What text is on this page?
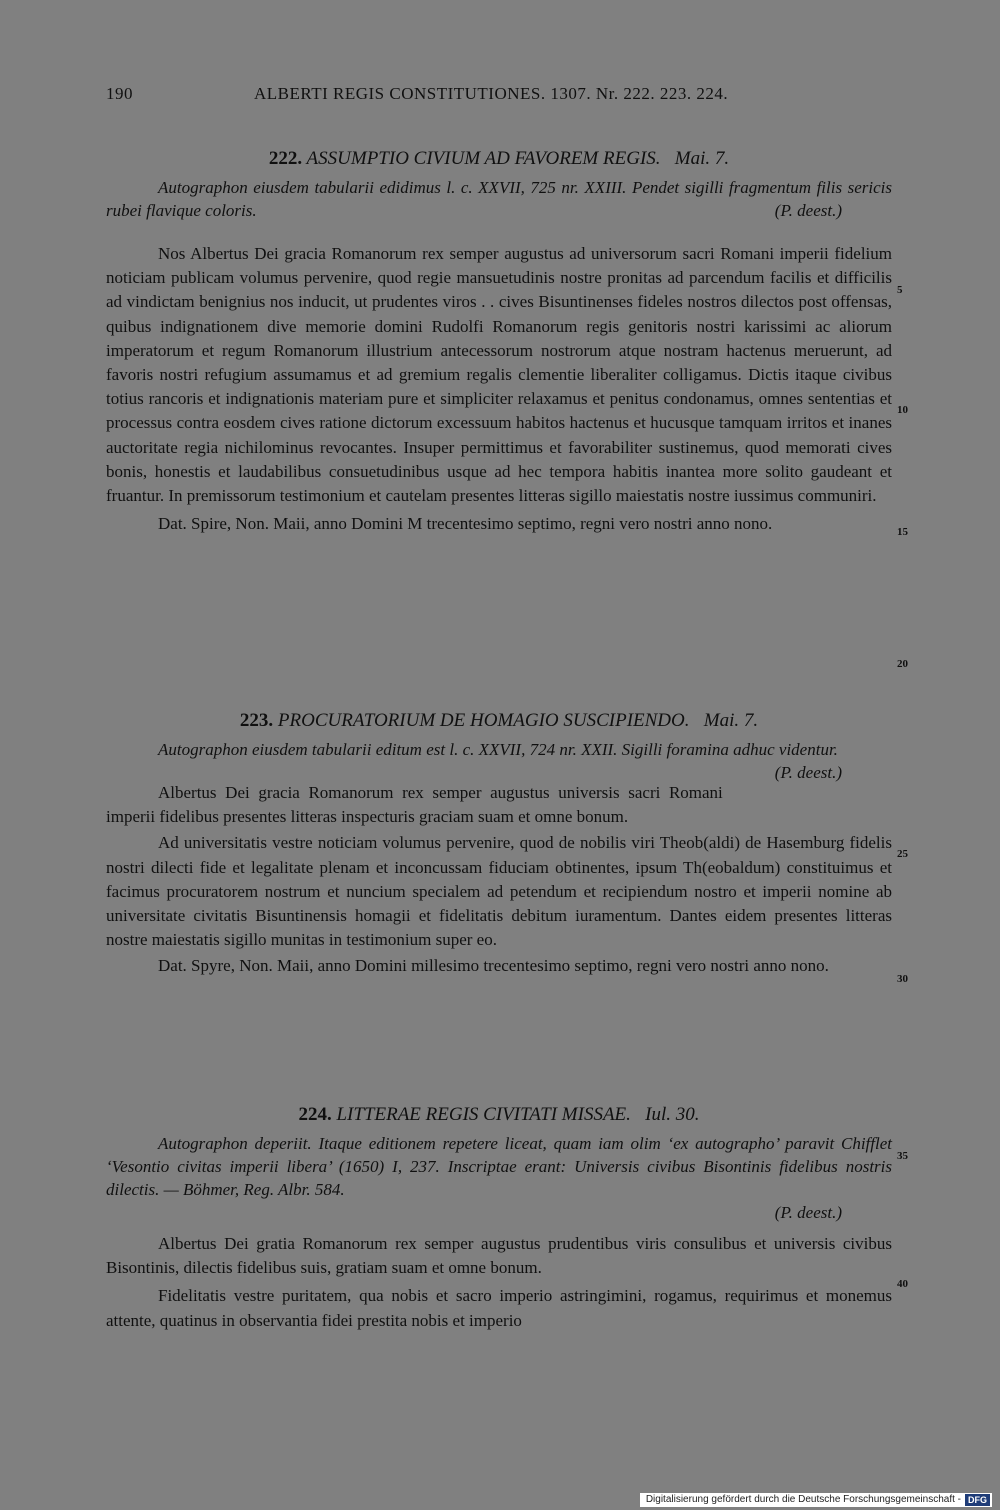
190	ALBERTI REGIS CONSTITUTIONES. 1307. Nr. 222. 223. 224.
222. ASSUMPTIO CIVIUM AD FAVOREM REGIS. Mai. 7.
Autographon eiusdem tabularii edidimus l. c. XXVII, 725 nr. XXIII. Pendet sigilli fragmentum filis sericis rubei flavique coloris.	(P. deest.)

Nos Albertus Dei gracia Romanorum rex semper augustus ad universorum sacri Romani imperii fidelium noticiam publicam volumus pervenire, quod regie mansuetudinis nostre pronitas ad parcendum facilis et difficilis ad vindictam benignius nos inducit, ut prudentes viros . . cives Bisuntinenses fideles nostros dilectos post offensas, quibus indignationem dive memorie domini Rudolfi Romanorum regis genitoris nostri karissimi ac aliorum imperatorum et regum Romanorum illustrium antecessorum nostrorum atque nostram hactenus meruerunt, ad favoris nostri refugium assumamus et ad gremium regalis clementie liberaliter colligamus. Dictis itaque civibus totius rancoris et indignationis materiam pure et simpliciter relaxamus et penitus condonamus, omnes sententias et processus contra eosdem cives ratione dictorum excessuum habitos hactenus et hucusque tamquam irritos et inanes auctoritate regia nichilominus revocantes. Insuper permittimus et favorabiliter sustinemus, quod memorati cives bonis, honestis et laudabilibus consuetudinibus usque ad hec tempora habitis inantea more solito gaudeant et fruantur. In premissorum testimonium et cautelam presentes litteras sigillo maiestatis nostre iussimus communiri.

Dat. Spire, Non. Maii, anno Domini M trecentesimo septimo, regni vero nostri anno nono.

223. PROCURATORIUM DE HOMAGIO SUSCIPIENDO. Mai. 7.
Autographon eiusdem tabularii editum est l. c. XXVII, 724 nr. XXII. Sigilli foramina adhuc videntur.
(P. deest.)

Albertus Dei gracia Romanorum rex semper augustus universis sacri Romani imperii fidelibus presentes litteras inspecturis graciam suam et omne bonum.

Ad universitatis vestre noticiam volumus pervenire, quod de nobilis viri Theob(aldi) de Hasemburg fidelis nostri dilecti fide et legalitate plenam et inconcussam fiduciam obtinentes, ipsum Th(eobaldum) constituimus et facimus procuratorem nostrum et nuncium specialem ad petendum et recipiendum nostro et imperii nomine ab universitate civitatis Bisuntinensis homagii et fidelitatis debitum iuramentum. Dantes eidem presentes litteras nostre maiestatis sigillo munitas in testimonium super eo.

Dat. Spyre, Non. Maii, anno Domini millesimo trecentesimo septimo, regni vero nostri anno nono.

224. LITTERAE REGIS CIVITATI MISSAE. Iul. 30.
Autographon deperiit. Itaque editionem repetere liceat, quam iam olim ‘ex autographo’ paravit Chifflet ‘Vesontio civitas imperii libera’ (1650) I, 237. Inscriptae erant: Universis civibus Bisontinis fidelibus nostris dilectis. — Böhmer, Reg. Albr. 584.
(P. deest.)

Albertus Dei gratia Romanorum rex semper augustus prudentibus viris consulibus et universis civibus Bisontinis, dilectis fidelibus suis, gratiam suam et omne bonum.

Fidelitatis vestre puritatem, qua nobis et sacro imperio astringimini, rogamus, requirimus et monemus attente, quatinus in observantia fidei prestita nobis et imperio

5
10
15
20
25
30
35
40
Digitalisierung gefördert durch die Deutsche Forschungsgemeinschaft - DFG
